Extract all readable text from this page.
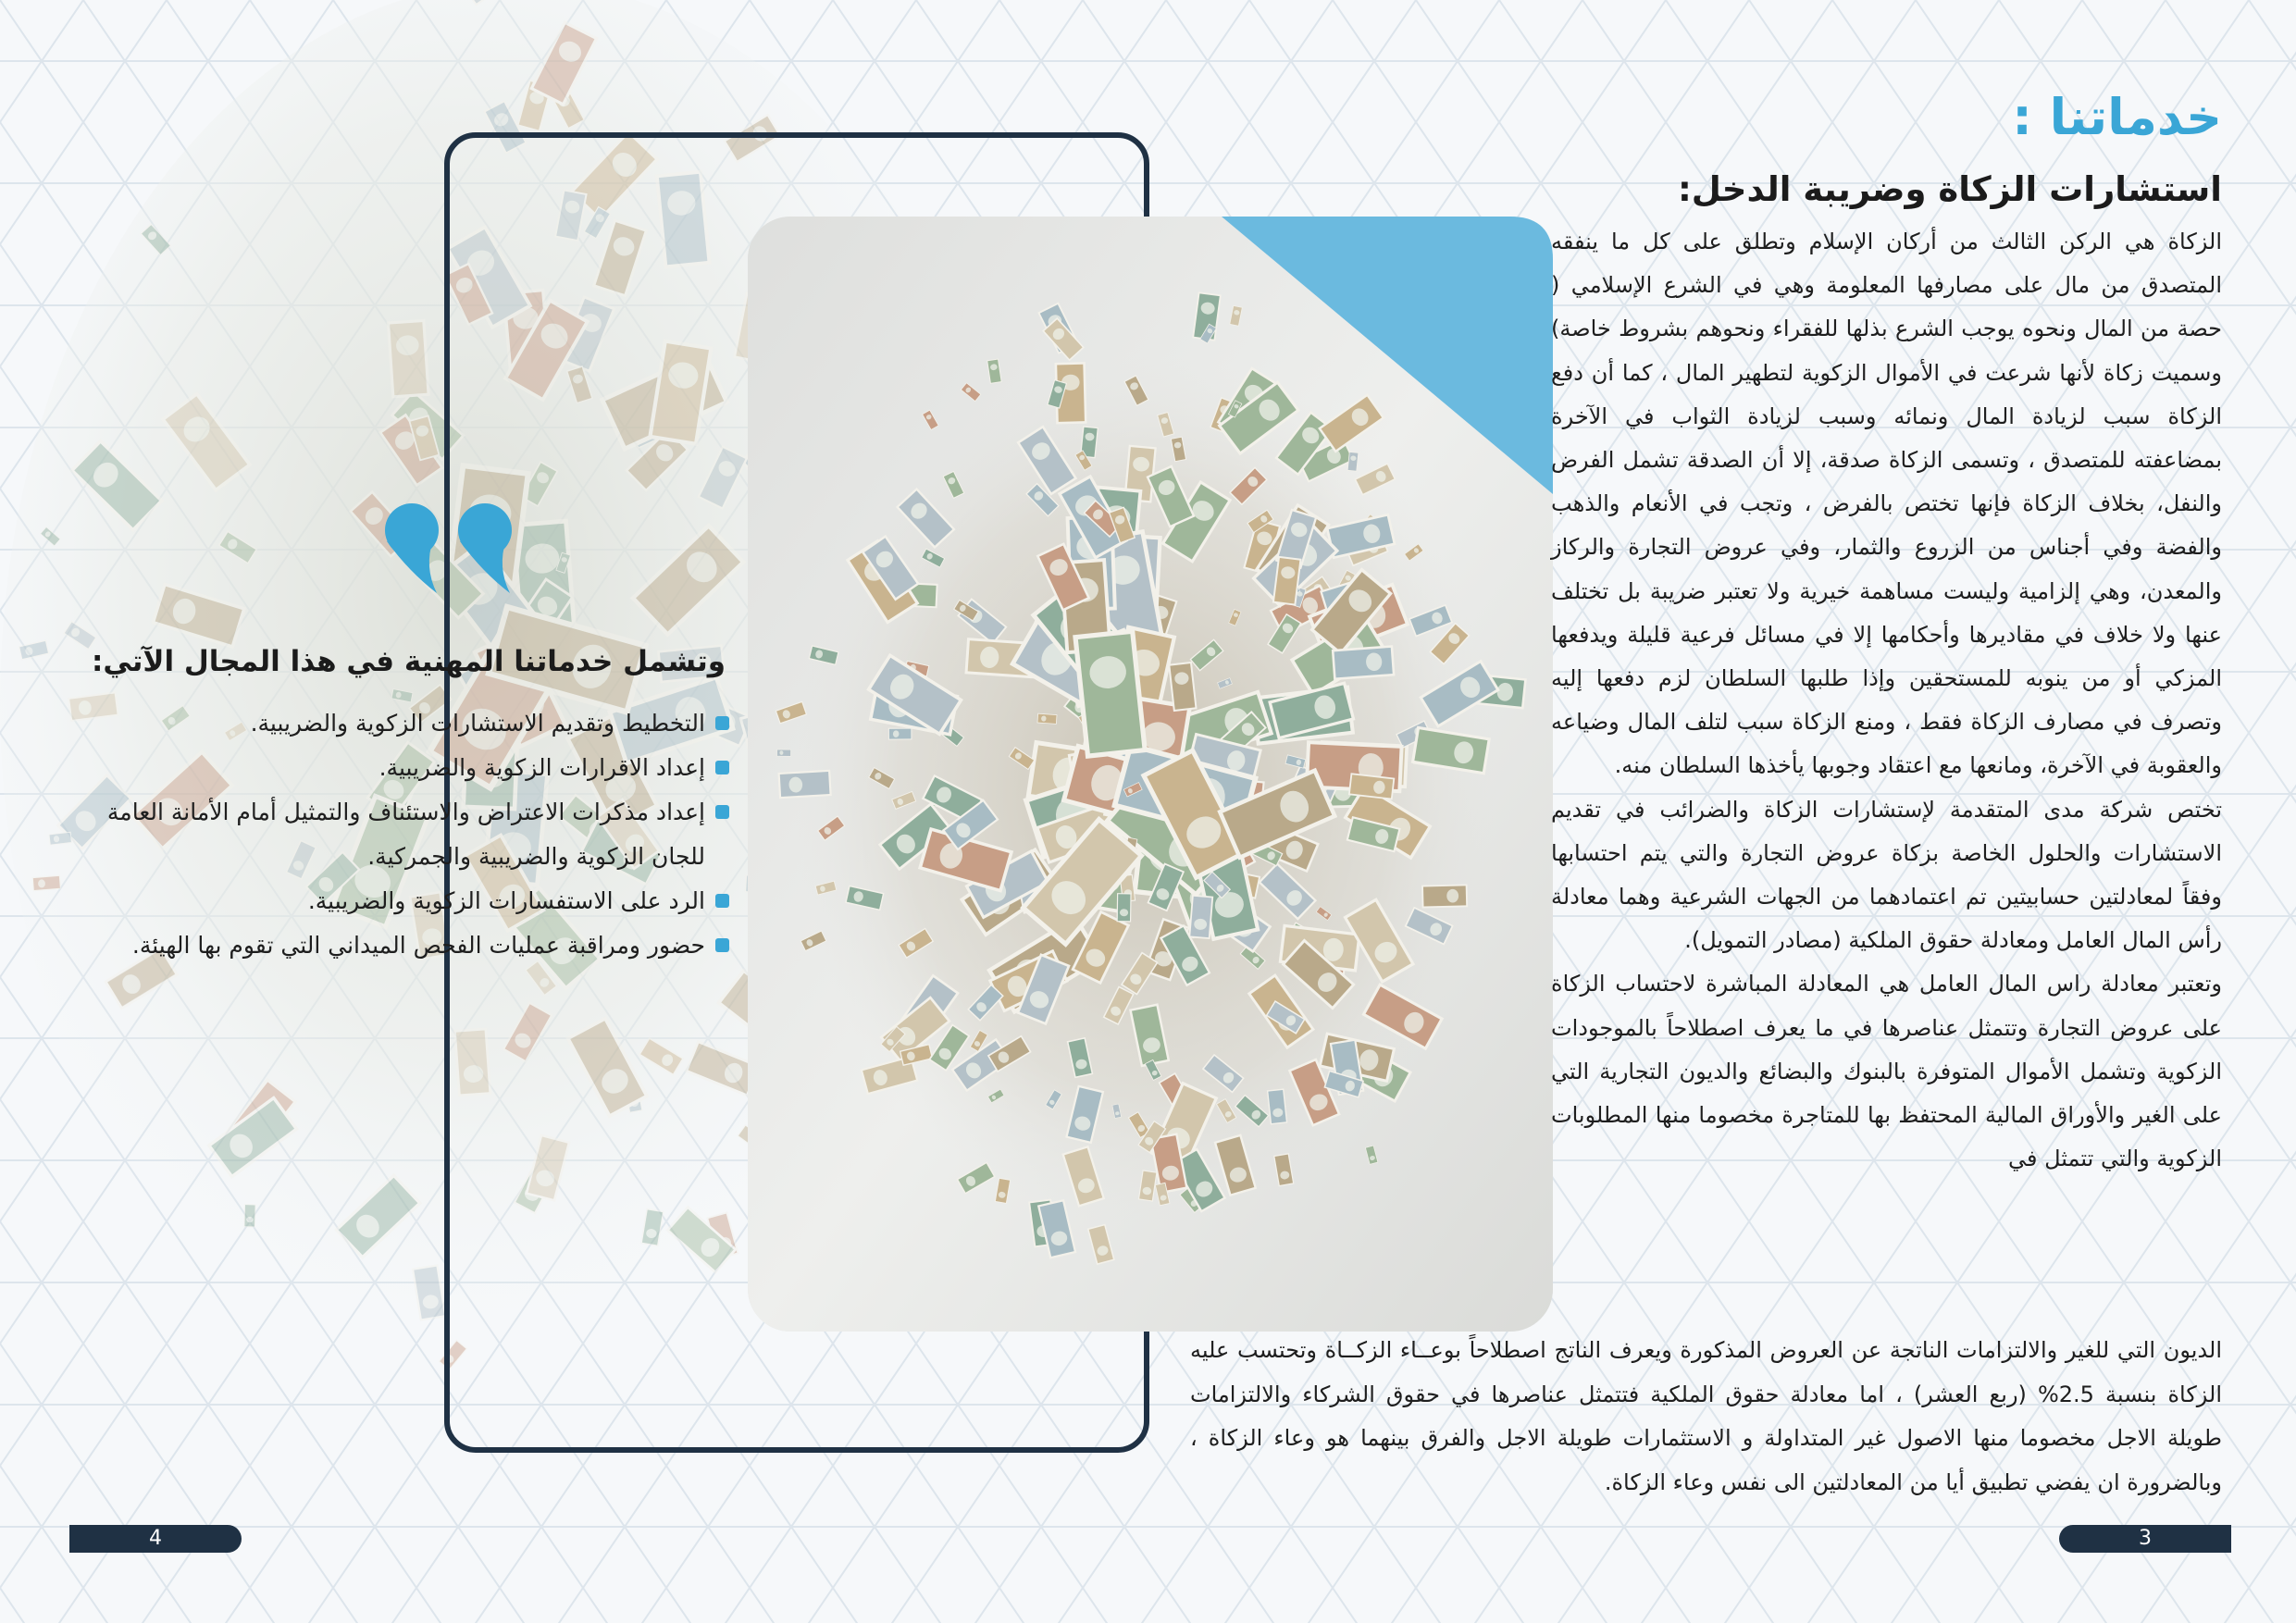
خدماتنا :
استشارات الزكاة وضريبة الدخل:

الزكاة هي الركن الثالث من أركان الإسلام وتطلق على كل ما ينفقه المتصدق من مال على مصارفها المعلومة وهي في الشرع الإسلامي ( حصة من المال ونحوه يوجب الشرع بذلها للفقراء ونحوهم بشروط خاصة) وسميت زكاة لأنها شرعت في الأموال الزكوية لتطهير المال ، كما أن دفع الزكاة سبب لزيادة المال ونمائه وسبب لزيادة الثواب في الآخرة بمضاعفته للمتصدق ، وتسمى الزكاة صدقة، إلا أن الصدقة تشمل الفرض والنفل، بخلاف الزكاة فإنها تختص بالفرض ، وتجب في الأنعام والذهب والفضة وفي أجناس من الزروع والثمار، وفي عروض التجارة والركاز والمعدن، وهي إلزامية وليست مساهمة خيرية ولا تعتبر ضريبة بل تختلف عنها ولا خلاف في مقاديرها وأحكامها إلا في مسائل فرعية قليلة ويدفعها المزكي أو من ينوبه للمستحقين وإذا طلبها السلطان لزم دفعها إليه وتصرف في مصارف الزكاة فقط ، ومنع الزكاة سبب لتلف المال وضياعه والعقوبة في الآخرة، ومانعها مع اعتقاد وجوبها يأخذها السلطان منه.

تختص شركة مدى المتقدمة لإستشارات الزكاة والضرائب في تقديم الاستشارات والحلول الخاصة بزكاة عروض التجارة والتي يتم احتسابها وفقاً لمعادلتين حسابيتين تم اعتمادهما من الجهات الشرعية وهما معادلة رأس المال العامل ومعادلة حقوق الملكية (مصادر التمويل).

وتعتبر معادلة راس المال العامل هي المعادلة المباشرة لاحتساب الزكاة على عروض التجارة وتتمثل عناصرها في ما يعرف اصطلاحاً بالموجودات الزكوية وتشمل الأموال المتوفرة بالبنوك والبضائع والديون التجارية التي على الغير والأوراق المالية المحتفظ بها للمتاجرة مخصوما منها المطلوبات الزكوية والتي تتمثل في

الديون التي للغير والالتزامات الناتجة عن العروض المذكورة ويعرف الناتج اصطلاحاً بوعــاء الزكــاة وتحتسب عليه الزكاة بنسبة 2.5% (ربع العشر) ، اما معادلة حقوق الملكية فتتمثل عناصرها في حقوق الشركاء والالتزامات طويلة الاجل مخصوما منها الاصول غير المتداولة و الاستثمارات طويلة الاجل والفرق بينهما هو وعاء الزكاة ، وبالضرورة ان يفضي تطبيق أيا من المعادلتين الى نفس وعاء الزكاة.

وتشمل خدماتنا المهنية في هذا المجال الآتي:
التخطيط وتقديم الاستشارات الزكوية والضريبية.
إعداد الاقرارات الزكوية والضريبية.
إعداد مذكرات الاعتراض والاستئناف والتمثيل أمام الأمانة العامة للجان الزكوية والضريبية والجمركية.
الرد على الاستفسارات الزكوية والضريبية.
حضور ومراقبة عمليات الفحص الميداني التي تقوم بها الهيئة.
4	3
